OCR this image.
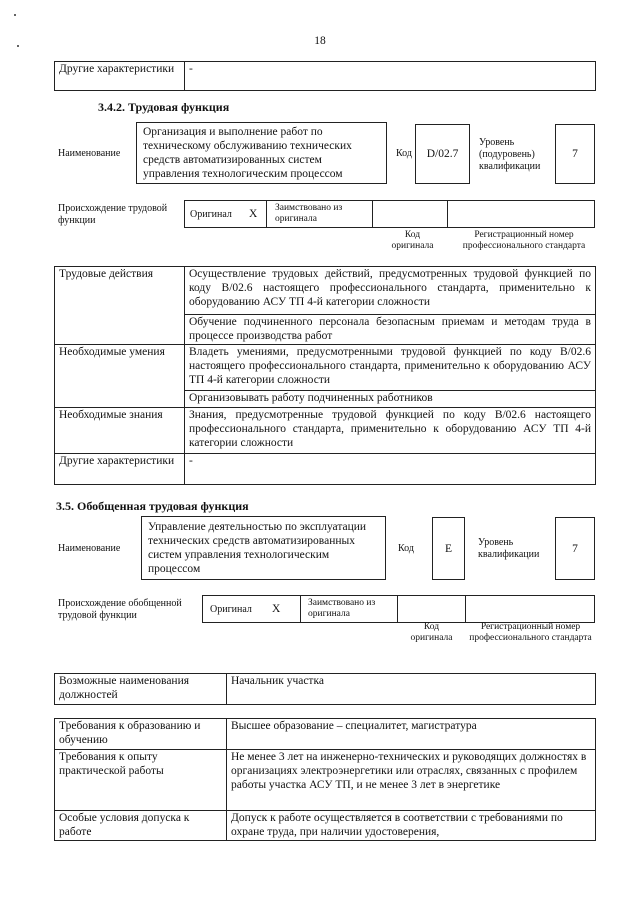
18
Другие характеристики	-
3.4.2. Трудовая функция
Наименование
Организация и выполнение работ по техническому обслуживанию технических средств автоматизированных систем управления технологическим процессом
Код D/02.7
Уровень (подуровень) квалификации
7
Происхождение трудовой функции
Оригинал X Заимствовано из оригинала
Код оригинала
Регистрационный номер профессионального стандарта
Трудовые действия	Осуществление трудовых действий, предусмотренных трудовой функцией по коду B/02.6 настоящего профессионального стандарта, применительно к оборудованию АСУ ТП 4-й категории сложности
	Обучение подчиненного персонала безопасным приемам и методам труда в процессе производства работ
Необходимые умения	Владеть умениями, предусмотренными трудовой функцией по коду B/02.6 настоящего профессионального стандарта, применительно к оборудованию АСУ ТП 4-й категории сложности
	Организовывать работу подчиненных работников
Необходимые знания	Знания, предусмотренные трудовой функцией по коду B/02.6 настоящего профессионального стандарта, применительно к оборудованию АСУ ТП 4-й категории сложности
Другие характеристики	-
3.5. Обобщенная трудовая функция
Наименование
Управление деятельностью по эксплуатации технических средств автоматизированных систем управления технологическим процессом
Код	E	Уровень квалификации	7
Происхождение обобщенной трудовой функции
Оригинал X	Заимствовано из оригинала
Код оригинала
Регистрационный номер профессионального стандарта
Возможные наименования должностей	Начальник участка
Требования к образованию и обучению	Высшее образование – специалитет, магистратура
Требования к опыту практической работы	Не менее 3 лет на инженерно-технических и руководящих должностях в организациях электроэнергетики или отраслях, связанных с профилем работы участка АСУ ТП, и не менее 3 лет в энергетике
Особые условия допуска к работе	Допуск к работе осуществляется в соответствии с требованиями по охране труда, при наличии удостоверения,
